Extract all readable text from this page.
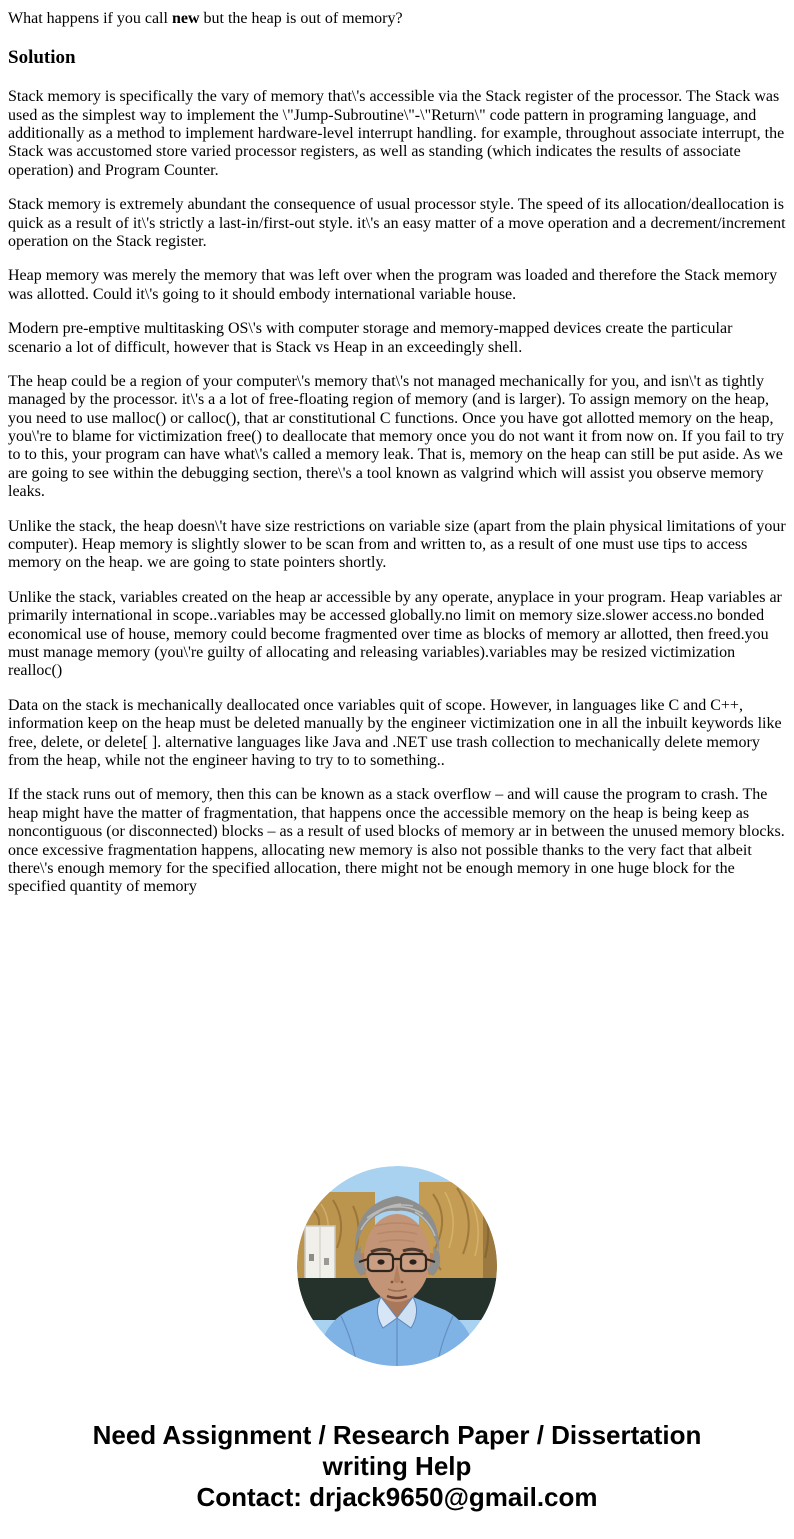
What happens if you call new but the heap is out of memory?

Solution

Stack memory is specifically the vary of memory that\'s accessible via the Stack register of the processor. The Stack was used as the simplest way to implement the \"Jump-Subroutine\"-\"Return\" code pattern in programing language, and additionally as a method to implement hardware-level interrupt handling. for example, throughout associate interrupt, the Stack was accustomed store varied processor registers, as well as standing (which indicates the results of associate operation) and Program Counter.

Stack memory is extremely abundant the consequence of usual processor style. The speed of its allocation/deallocation is quick as a result of it\'s strictly a last-in/first-out style. it\'s an easy matter of a move operation and a decrement/increment operation on the Stack register.

Heap memory was merely the memory that was left over when the program was loaded and therefore the Stack memory was allotted. Could it\'s going to it should embody international variable house.

Modern pre-emptive multitasking OS\'s with computer storage and memory-mapped devices create the particular scenario a lot of difficult, however that is Stack vs Heap in an exceedingly shell.

The heap could be a region of your computer\'s memory that\'s not managed mechanically for you, and isn\'t as tightly managed by the processor. it\'s a a lot of free-floating region of memory (and is larger). To assign memory on the heap, you need to use malloc() or calloc(), that ar constitutional C functions. Once you have got allotted memory on the heap, you\'re to blame for victimization free() to deallocate that memory once you do not want it from now on. If you fail to try to to this, your program can have what\'s called a memory leak. That is, memory on the heap can still be put aside. As we are going to see within the debugging section, there\'s a tool known as valgrind which will assist you observe memory leaks.

Unlike the stack, the heap doesn\'t have size restrictions on variable size (apart from the plain physical limitations of your computer). Heap memory is slightly slower to be scan from and written to, as a result of one must use tips to access memory on the heap. we are going to state pointers shortly.

Unlike the stack, variables created on the heap ar accessible by any operate, anyplace in your program. Heap variables ar primarily international in scope..variables may be accessed globally.no limit on memory size.slower access.no bonded economical use of house, memory could become fragmented over time as blocks of memory ar allotted, then freed.you must manage memory (you\'re guilty of allocating and releasing variables).variables may be resized victimization realloc()

Data on the stack is mechanically deallocated once variables quit of scope. However, in languages like C and C++, information keep on the heap must be deleted manually by the engineer victimization one in all the inbuilt keywords like free, delete, or delete[ ]. alternative languages like Java and .NET use trash collection to mechanically delete memory from the heap, while not the engineer having to try to to something..

If the stack runs out of memory, then this can be known as a stack overflow – and will cause the program to crash. The heap might have the matter of fragmentation, that happens once the accessible memory on the heap is being keep as noncontiguous (or disconnected) blocks – as a result of used blocks of memory ar in between the unused memory blocks. once excessive fragmentation happens, allocating new memory is also not possible thanks to the very fact that albeit there\'s enough memory for the specified allocation, there might not be enough memory in one huge block for the specified quantity of memory

Need Assignment / Research Paper / Dissertation
writing Help
Contact: drjack9650@gmail.com
